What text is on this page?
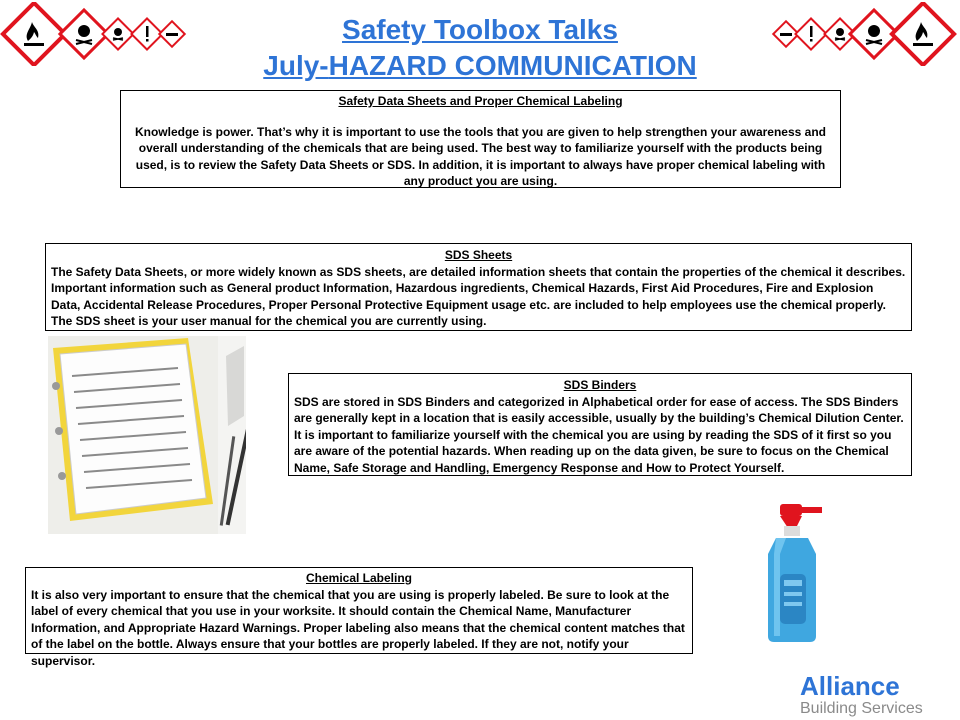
Safety Toolbox Talks
July-HAZARD COMMUNICATION
Safety Data Sheets and Proper Chemical Labeling
Knowledge is power. That’s why it is important to use the tools that you are given to help strengthen your awareness and overall understanding of the chemicals that are being used. The best way to familiarize yourself with the products being used, is to review the Safety Data Sheets or SDS. In addition, it is important to always have proper chemical labeling with any product you are using.
SDS Sheets
The Safety Data Sheets, or more widely known as SDS sheets, are detailed information sheets that contain the properties of the chemical it describes. Important information such as General product Information, Hazardous ingredients, Chemical Hazards, First Aid Procedures, Fire and Explosion Data, Accidental Release Procedures, Proper Personal Protective Equipment usage etc. are included to help employees use the chemical properly.
The SDS sheet is your user manual for the chemical you are currently using.
SDS Binders
SDS are stored in SDS Binders and categorized in Alphabetical order for ease of access. The SDS Binders are generally kept in a location that is easily accessible, usually by the building’s Chemical Dilution Center. It is important to familiarize yourself with the chemical you are using by reading the SDS of it first so you are aware of the potential hazards. When reading up on the data given, be sure to focus on the Chemical Name, Safe Storage and Handling, Emergency Response and How to Protect Yourself.
Chemical Labeling
It is also very important to ensure that the chemical that you are using is properly labeled. Be sure to look at the label of every chemical that you use in your worksite. It should contain the Chemical Name, Manufacturer Information, and Appropriate Hazard Warnings. Proper labeling also means that the chemical content matches that of the label on the bottle. Always ensure that your bottles are properly labeled. If they are not, notify your supervisor.
Alliance
Building Services
